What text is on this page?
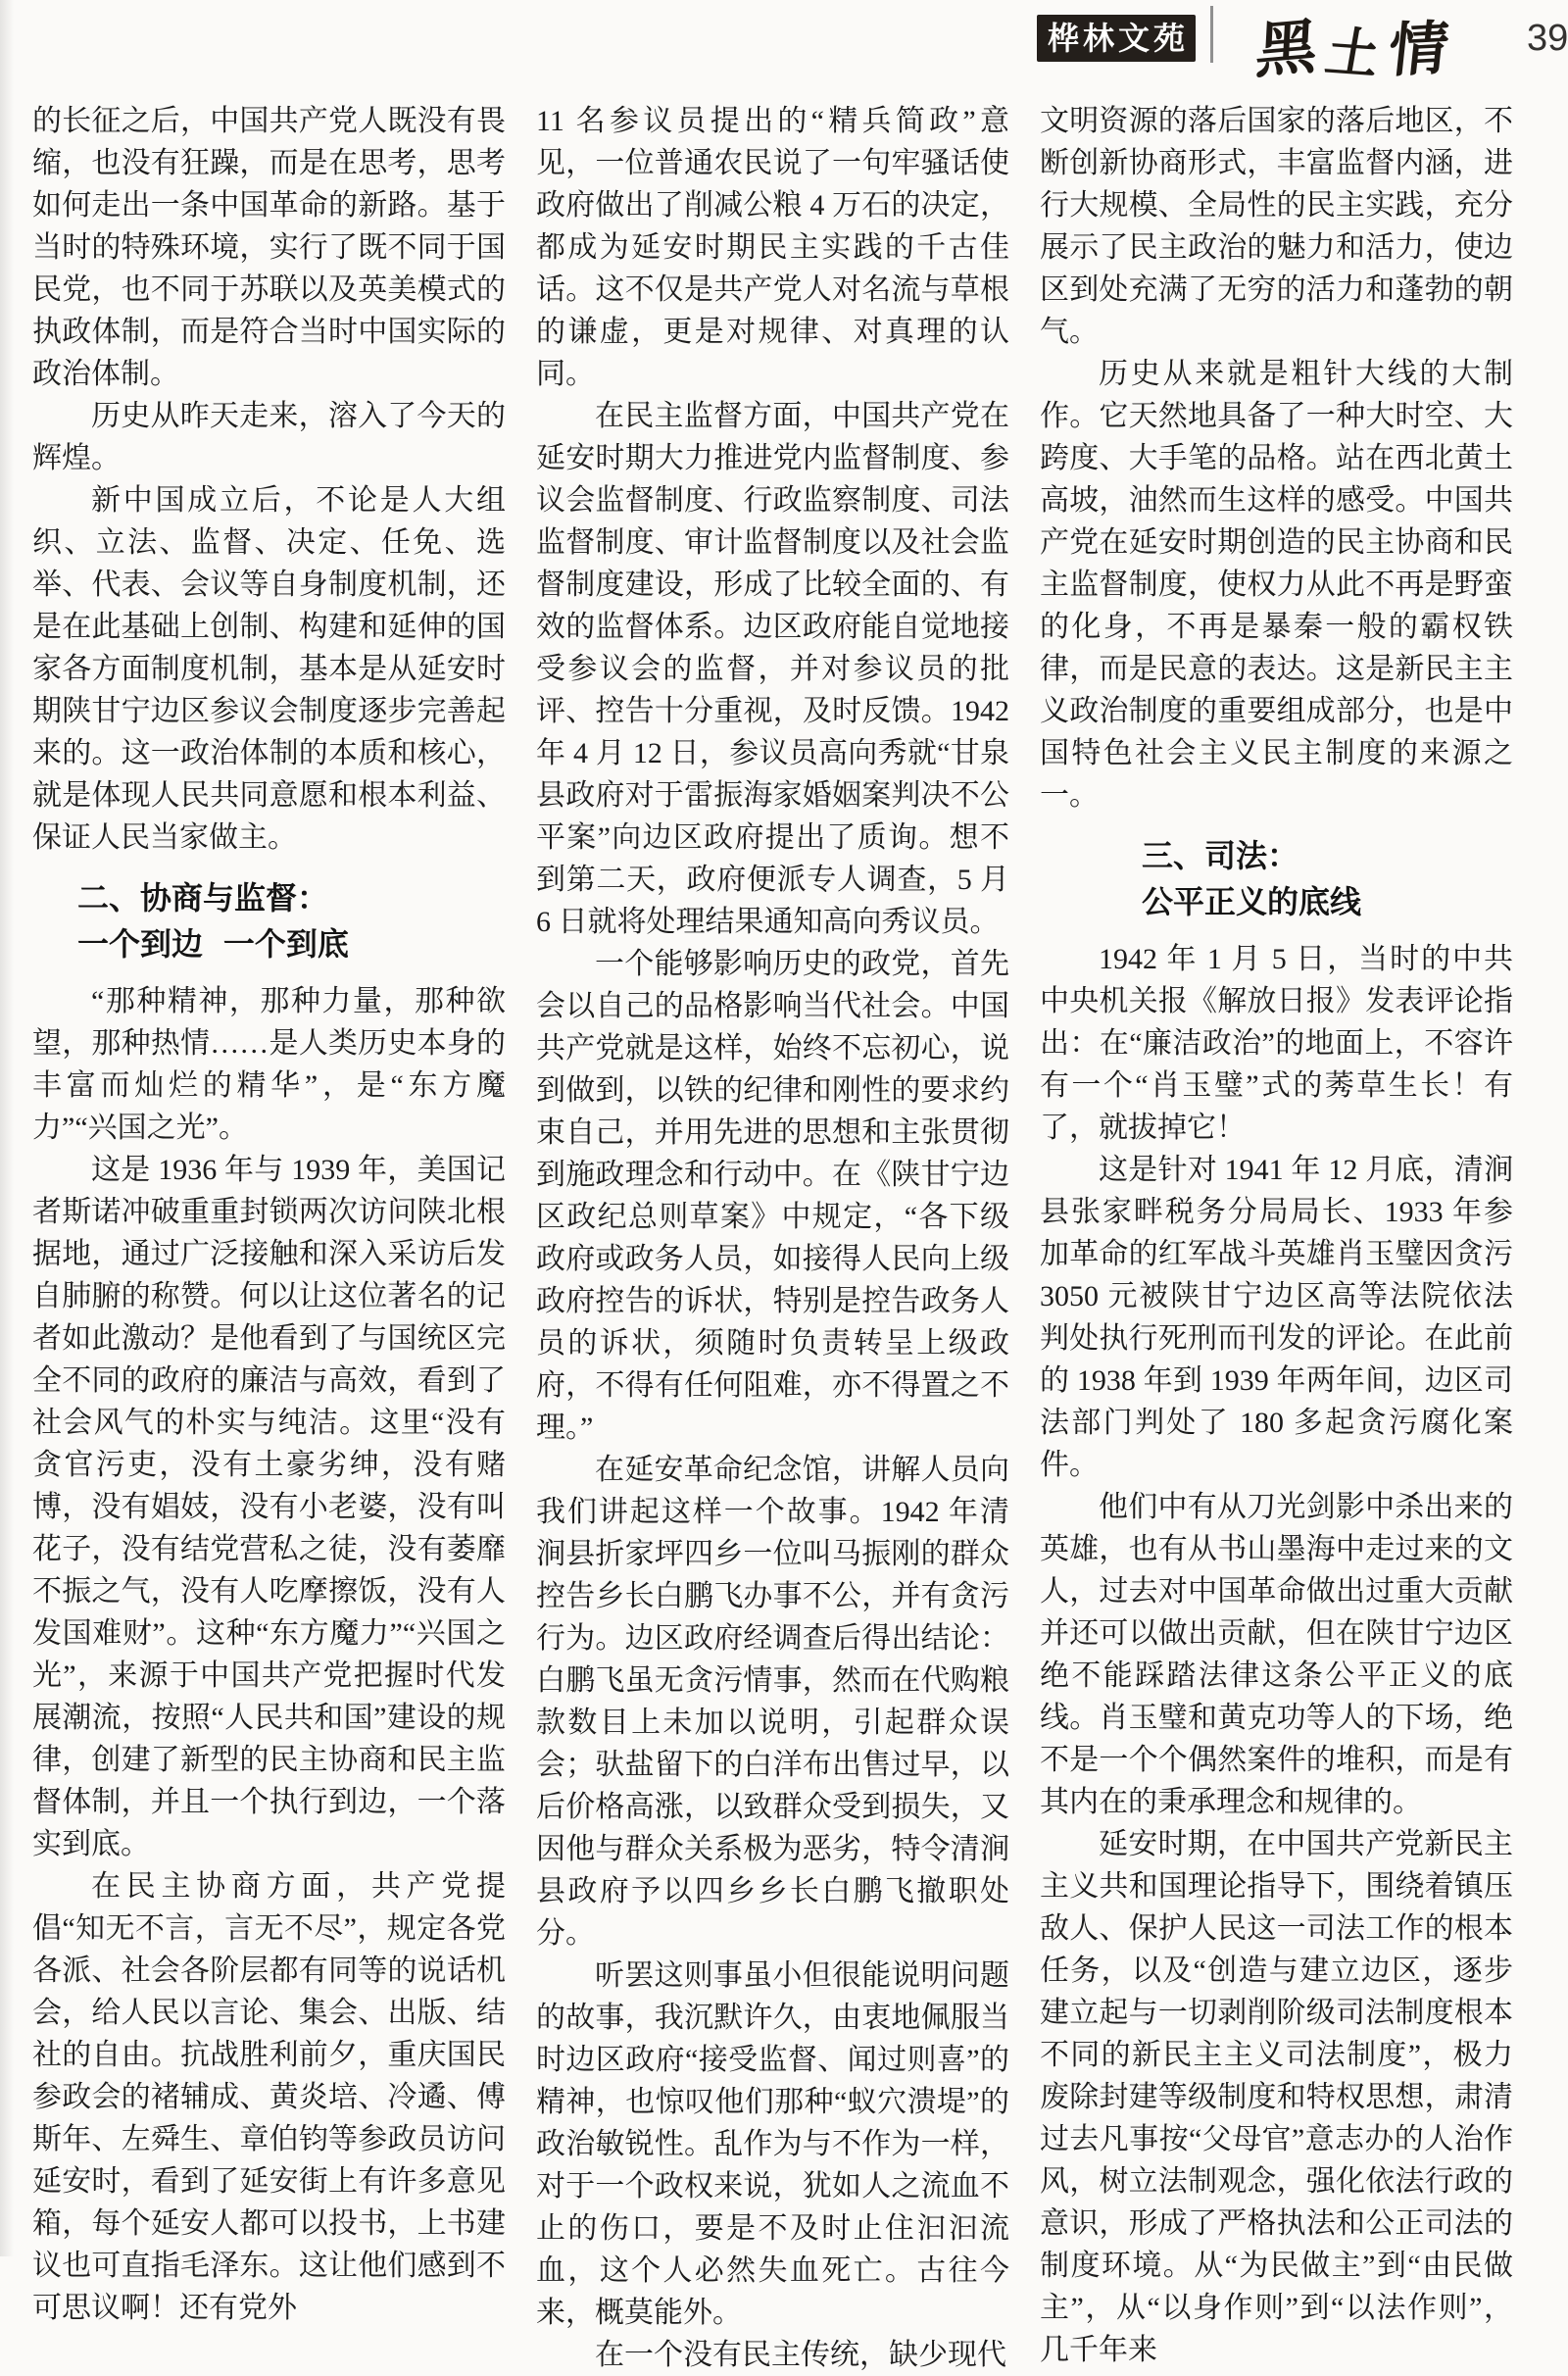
桦林文苑 黑土情 39

的长征之后，中国共产党人既没有畏缩，也没有狂躁，而是在思考，思考如何走出一条中国革命的新路。基于当时的特殊环境，实行了既不同于国民党，也不同于苏联以及英美模式的执政体制，而是符合当时中国实际的政治体制。

历史从昨天走来，溶入了今天的辉煌。

新中国成立后，不论是人大组织、立法、监督、决定、任免、选举、代表、会议等自身制度机制，还是在此基础上创制、构建和延伸的国家各方面制度机制，基本是从延安时期陕甘宁边区参议会制度逐步完善起来的。这一政治体制的本质和核心，就是体现人民共同意愿和根本利益、保证人民当家做主。

二、协商与监督：
一个到边 一个到底

“那种精神，那种力量，那种欲望，那种热情……是人类历史本身的丰富而灿烂的精华”，是“东方魔力”“兴国之光”。

这是 1936 年与 1939 年，美国记者斯诺冲破重重封锁两次访问陕北根据地，通过广泛接触和深入采访后发自肺腑的称赞。何以让这位著名的记者如此激动？是他看到了与国统区完全不同的政府的廉洁与高效，看到了社会风气的朴实与纯洁。这里“没有贪官污吏，没有土豪劣绅，没有赌博，没有娼妓，没有小老婆，没有叫花子，没有结党营私之徒，没有萎靡不振之气，没有人吃摩擦饭，没有人发国难财”。这种“东方魔力”“兴国之光”，来源于中国共产党把握时代发展潮流，按照“人民共和国”建设的规律，创建了新型的民主协商和民主监督体制，并且一个执行到边，一个落实到底。

在民主协商方面，共产党提倡“知无不言，言无不尽”，规定各党各派、社会各阶层都有同等的说话机会，给人民以言论、集会、出版、结社的自由。抗战胜利前夕，重庆国民参政会的褚辅成、黄炎培、冷遹、傅斯年、左舜生、章伯钧等参政员访问延安时，看到了延安街上有许多意见箱，每个延安人都可以投书，上书建议也可直指毛泽东。这让他们感到不可思议啊！还有党外

11 名参议员提出的“精兵简政”意见，一位普通农民说了一句牢骚话使政府做出了削减公粮 4 万石的决定，都成为延安时期民主实践的千古佳话。这不仅是共产党人对名流与草根的谦虚，更是对规律、对真理的认同。

在民主监督方面，中国共产党在延安时期大力推进党内监督制度、参议会监督制度、行政监察制度、司法监督制度、审计监督制度以及社会监督制度建设，形成了比较全面的、有效的监督体系。边区政府能自觉地接受参议会的监督，并对参议员的批评、控告十分重视，及时反馈。1942 年 4 月 12 日，参议员高向秀就“甘泉县政府对于雷振海家婚姻案判决不公平案”向边区政府提出了质询。想不到第二天，政府便派专人调查，5 月 6 日就将处理结果通知高向秀议员。

一个能够影响历史的政党，首先会以自己的品格影响当代社会。中国共产党就是这样，始终不忘初心，说到做到，以铁的纪律和刚性的要求约束自己，并用先进的思想和主张贯彻到施政理念和行动中。在《陕甘宁边区政纪总则草案》中规定，“各下级政府或政务人员，如接得人民向上级政府控告的诉状，特别是控告政务人员的诉状，须随时负责转呈上级政府，不得有任何阻难，亦不得置之不理。”

在延安革命纪念馆，讲解人员向我们讲起这样一个故事。1942 年清涧县折家坪四乡一位叫马振刚的群众控告乡长白鹏飞办事不公，并有贪污行为。边区政府经调查后得出结论：白鹏飞虽无贪污情事，然而在代购粮款数目上未加以说明，引起群众误会；驮盐留下的白洋布出售过早，以后价格高涨，以致群众受到损失，又因他与群众关系极为恶劣，特令清涧县政府予以四乡乡长白鹏飞撤职处分。

听罢这则事虽小但很能说明问题的故事，我沉默许久，由衷地佩服当时边区政府“接受监督、闻过则喜”的精神，也惊叹他们那种“蚁穴溃堤”的政治敏锐性。乱作为与不作为一样，对于一个政权来说，犹如人之流血不止的伤口，要是不及时止住汩汩流血，这个人必然失血死亡。古往今来，概莫能外。

在一个没有民主传统，缺少现代

文明资源的落后国家的落后地区，不断创新协商形式，丰富监督内涵，进行大规模、全局性的民主实践，充分展示了民主政治的魅力和活力，使边区到处充满了无穷的活力和蓬勃的朝气。

历史从来就是粗针大线的大制作。它天然地具备了一种大时空、大跨度、大手笔的品格。站在西北黄土高坡，油然而生这样的感受。中国共产党在延安时期创造的民主协商和民主监督制度，使权力从此不再是野蛮的化身，不再是暴秦一般的霸权铁律，而是民意的表达。这是新民主主义政治制度的重要组成部分，也是中国特色社会主义民主制度的来源之一。

三、司法：
公平正义的底线

1942 年 1 月 5 日，当时的中共中央机关报《解放日报》发表评论指出：在“廉洁政治”的地面上，不容许有一个“肖玉璧”式的莠草生长！有了，就拔掉它！

这是针对 1941 年 12 月底，清涧县张家畔税务分局局长、1933 年参加革命的红军战斗英雄肖玉璧因贪污 3050 元被陕甘宁边区高等法院依法判处执行死刑而刊发的评论。在此前的 1938 年到 1939 年两年间，边区司法部门判处了 180 多起贪污腐化案件。

他们中有从刀光剑影中杀出来的英雄，也有从书山墨海中走过来的文人，过去对中国革命做出过重大贡献并还可以做出贡献，但在陕甘宁边区绝不能踩踏法律这条公平正义的底线。肖玉璧和黄克功等人的下场，绝不是一个个偶然案件的堆积，而是有其内在的秉承理念和规律的。

延安时期，在中国共产党新民主主义共和国理论指导下，围绕着镇压敌人、保护人民这一司法工作的根本任务，以及“创造与建立边区，逐步建立起与一切剥削阶级司法制度根本不同的新民主主义司法制度”，极力废除封建等级制度和特权思想，肃清过去凡事按“父母官”意志办的人治作风，树立法制观念，强化依法行政的意识，形成了严格执法和公正司法的制度环境。从“为民做主”到“由民做主”，从“以身作则”到“以法作则”，几千年来
